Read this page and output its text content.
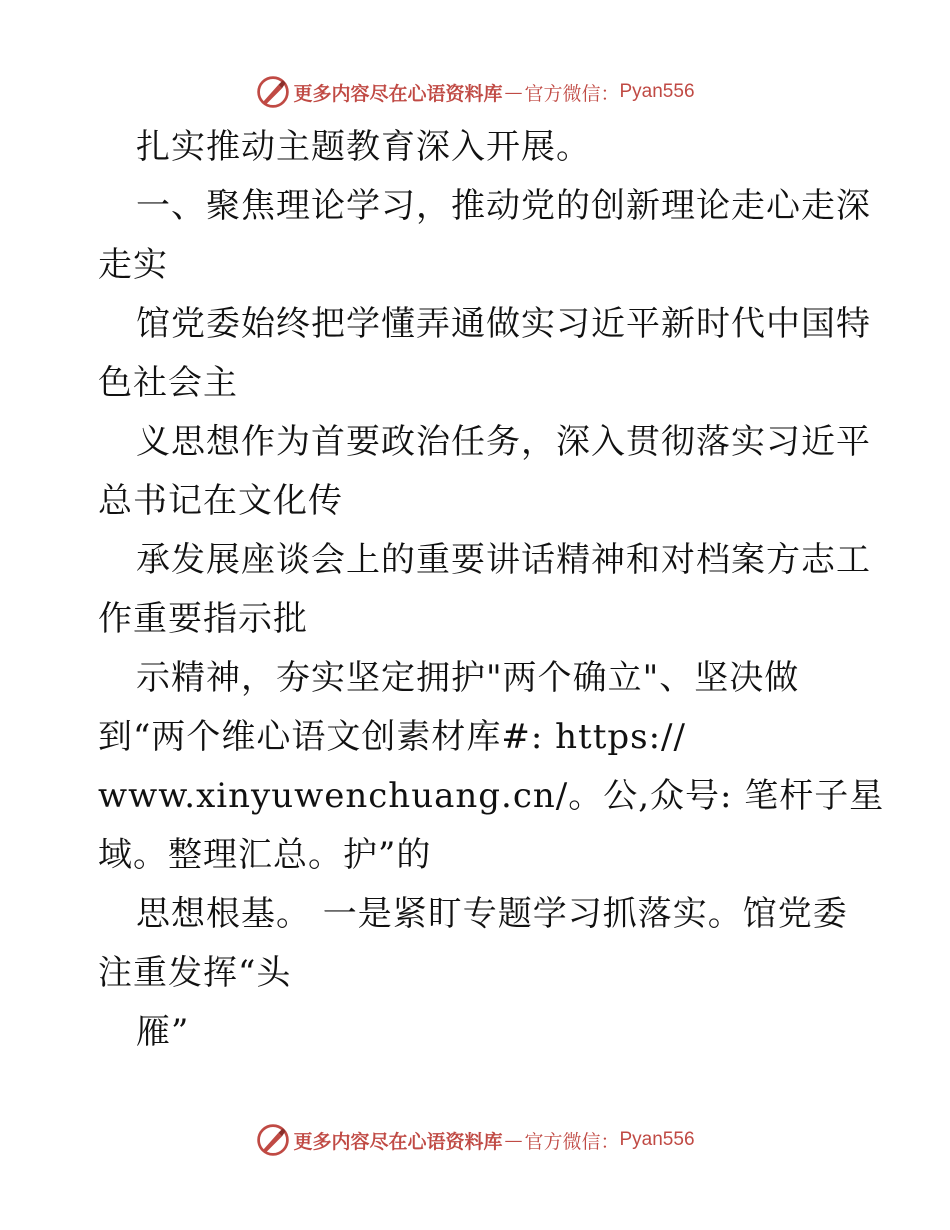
更多内容尽在心语资料库 — 官方微信： Pyan556
扎实推动主题教育深入开展。
一、聚焦理论学习，推动党的创新理论走心走深
走实
馆党委始终把学懂弄通做实习近平新时代中国特
色社会主
义思想作为首要政治任务，深入贯彻落实习近平
总书记在文化传
承发展座谈会上的重要讲话精神和对档案方志工
作重要指示批
示精神，夯实坚定拥护"两个确立"、坚决做
到“两个维心语文创素材库#: https://
www.xinyuwenchuang.cn/。公,众号: 笔杆子星
域。整理汇总。护”的
思想根基。 一是紧盯专题学习抓落实。馆党委
注重发挥“头
雁”
更多内容尽在心语资料库 — 官方微信： Pyan556
